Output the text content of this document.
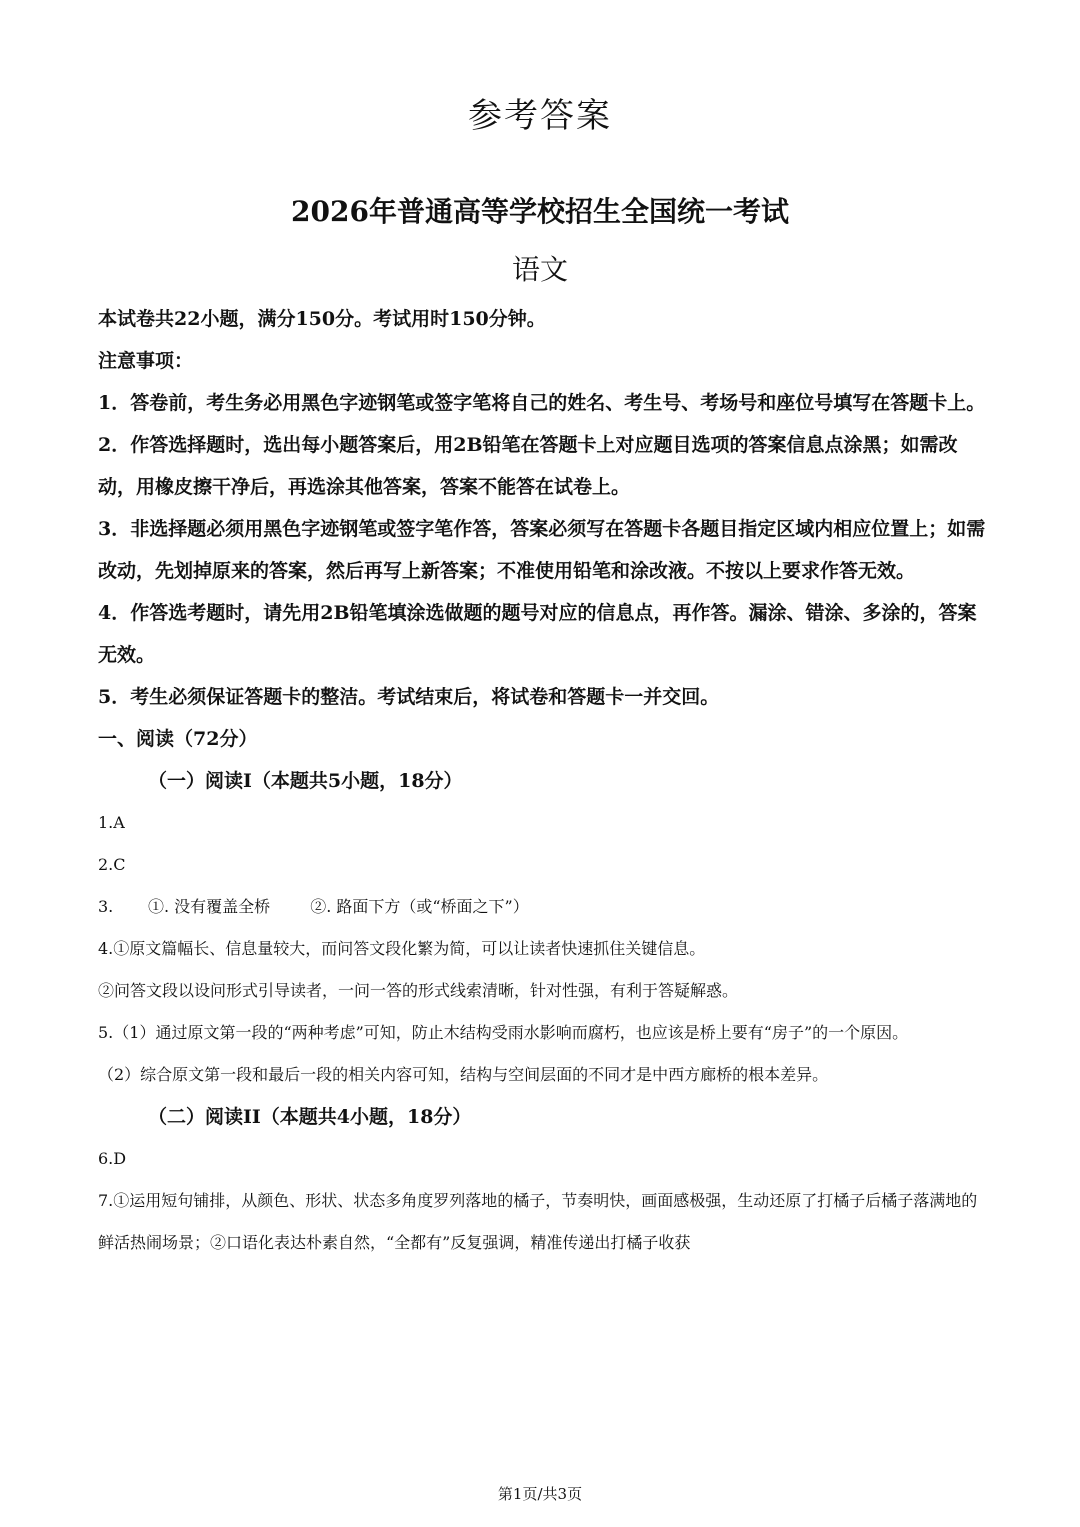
参考答案
2026年普通高等学校招生全国统一考试
语文

本试卷共22小题，满分150分。考试用时150分钟。

注意事项：

1．答卷前，考生务必用黑色字迹钢笔或签字笔将自己的姓名、考生号、考场号和座位号填写在答题卡上。

2．作答选择题时，选出每小题答案后，用2B铅笔在答题卡上对应题目选项的答案信息点涂黑；如需改动，用橡皮擦干净后，再选涂其他答案，答案不能答在试卷上。

3．非选择题必须用黑色字迹钢笔或签字笔作答，答案必须写在答题卡各题目指定区域内相应位置上；如需改动，先划掉原来的答案，然后再写上新答案；不准使用铅笔和涂改液。不按以上要求作答无效。

4．作答选考题时，请先用2B铅笔填涂选做题的题号对应的信息点，再作答。漏涂、错涂、多涂的，答案无效。

5．考生必须保证答题卡的整洁。考试结束后，将试卷和答题卡一并交回。

一、阅读（72分）

（一）阅读I（本题共5小题，18分）

1.A

2.C

3. ①. 没有覆盖全桥	②. 路面下方（或“桥面之下”）

4.①原文篇幅长、信息量较大，而问答文段化繁为简，可以让读者快速抓住关键信息。

②问答文段以设问形式引导读者，一问一答的形式线索清晰，针对性强，有利于答疑解惑。

5.（1）通过原文第一段的“两种考虑”可知，防止木结构受雨水影响而腐朽，也应该是桥上要有“房子”的一个原因。

（2）综合原文第一段和最后一段的相关内容可知，结构与空间层面的不同才是中西方廊桥的根本差异。

（二）阅读II（本题共4小题，18分）

6.D

7.①运用短句铺排，从颜色、形状、状态多角度罗列落地的橘子，节奏明快，画面感极强，生动还原了打橘子后橘子落满地的鲜活热闹场景；②口语化表达朴素自然，“全都有”反复强调，精准传递出打橘子收获

第1页/共3页
